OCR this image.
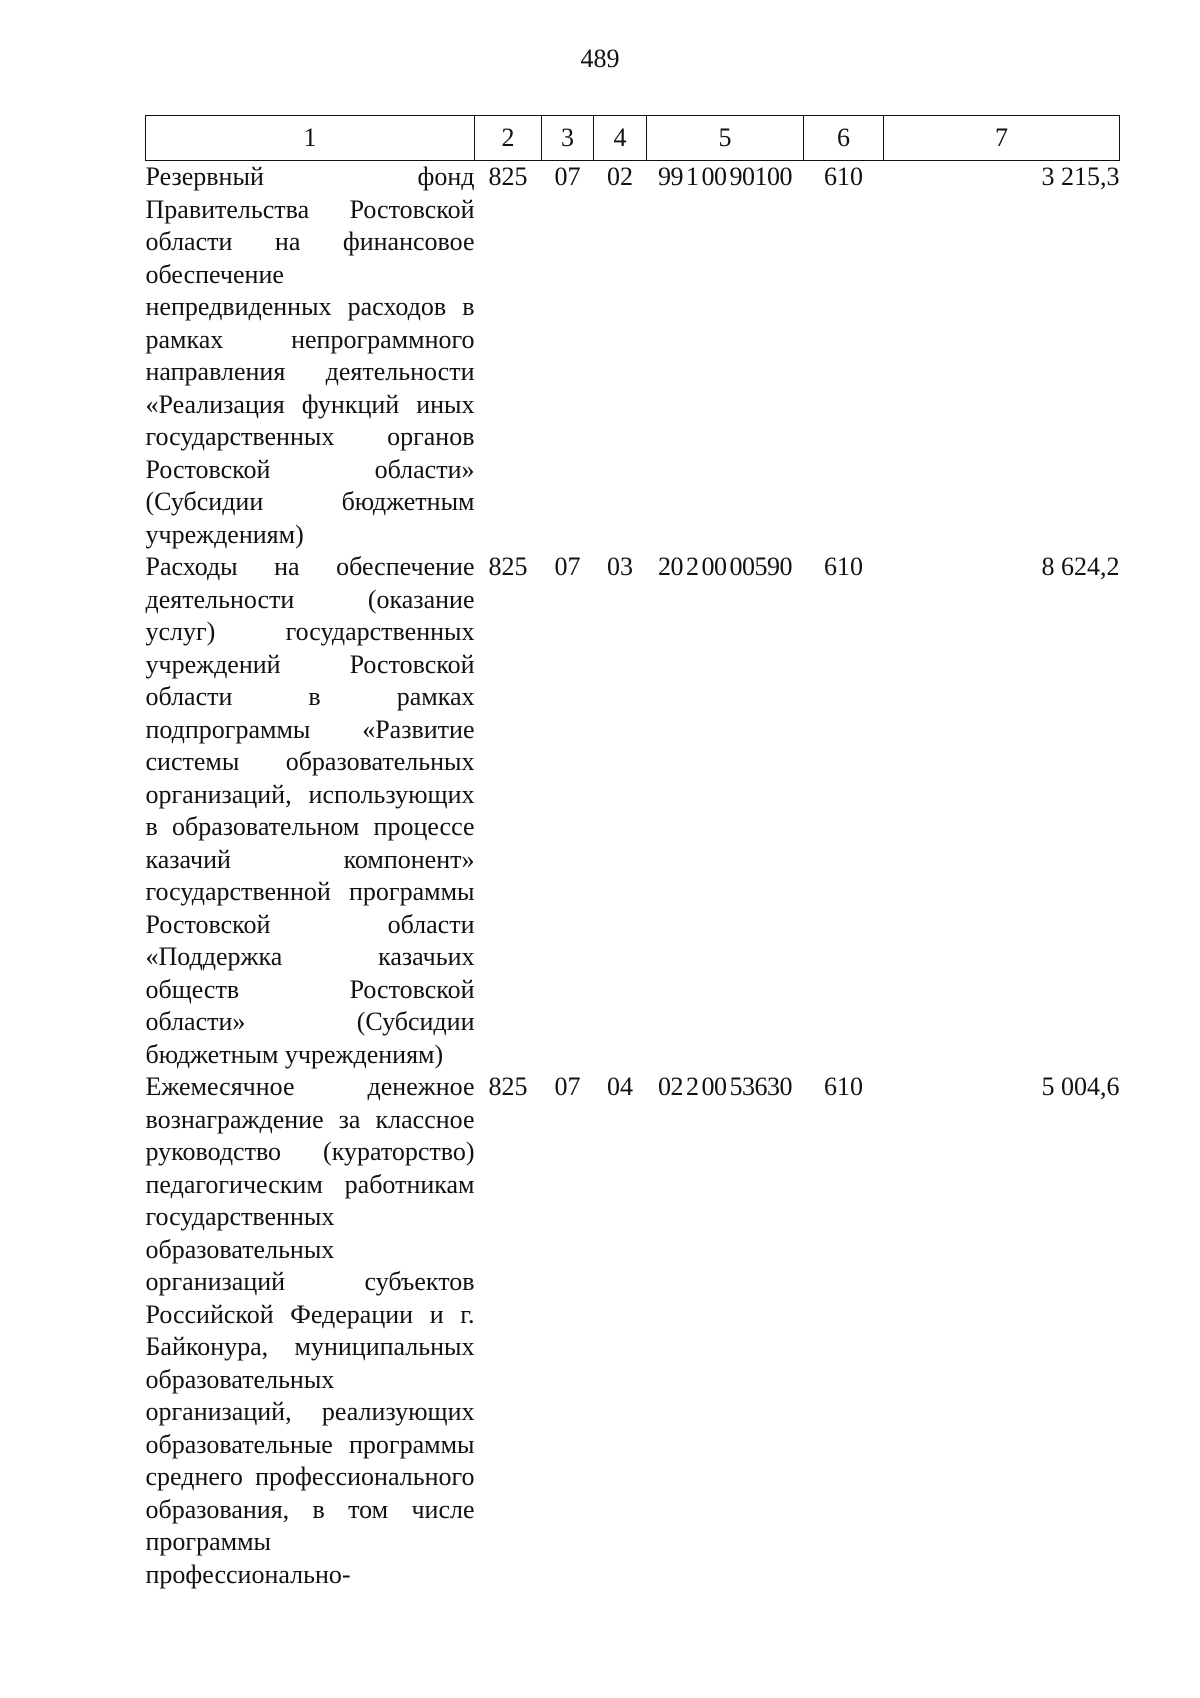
489
1	2	3	4	5	6	7
Резервный фонд Правительства Ростовской области на финансовое обеспечение непредвиденных расходов в рамках непрограммного направления деятельности «Реализация функций иных государственных органов Ростовской области» (Субсидии бюджетным учреждениям)	825	07	02	99 1 00 90100	610	3 215,3
Расходы на обеспечение деятельности (оказание услуг) государственных учреждений Ростовской области в рамках подпрограммы «Развитие системы образовательных организаций, использующих в образовательном процессе казачий компонент» государственной программы Ростовской области «Поддержка казачьих обществ Ростовской области» (Субсидии бюджетным учреждениям)	825	07	03	20 2 00 00590	610	8 624,2
Ежемесячное денежное вознаграждение за классное руководство (кураторство) педагогическим работникам государственных образовательных организаций субъектов Российской Федерации и г. Байконура, муниципальных образовательных организаций, реализующих образовательные программы среднего профессионального образования, в том числе программы профессионально-	825	07	04	02 2 00 53630	610	5 004,6
